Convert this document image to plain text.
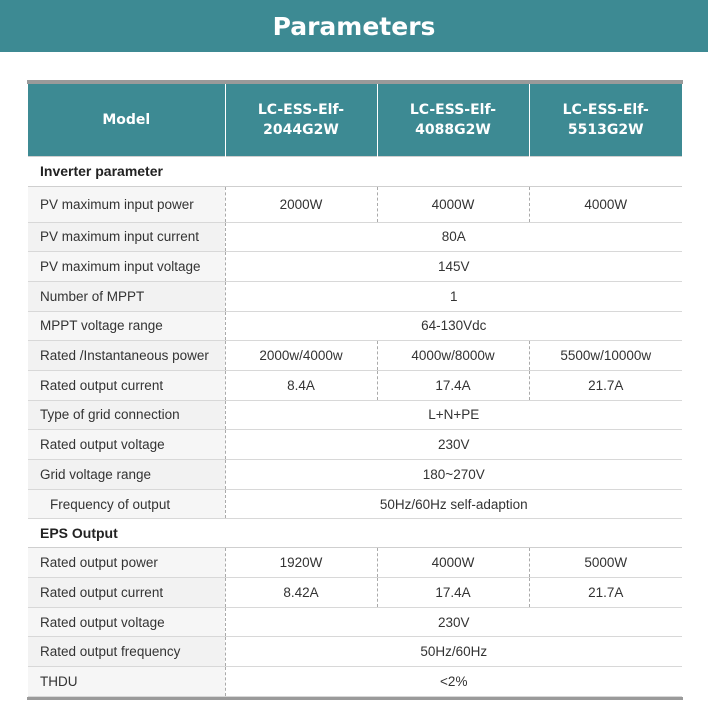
Parameters
Model	LC-ESS-Elf-2044G2W	LC-ESS-Elf-4088G2W	LC-ESS-Elf-5513G2W
Inverter parameter			
PV maximum input power	2000W	4000W	4000W
PV maximum input current	80A		
PV maximum input voltage	145V		
Number of MPPT	1		
MPPT voltage range	64-130Vdc		
Rated /Instantaneous power	2000w/4000w	4000w/8000w	5500w/10000w
Rated output current	8.4A	17.4A	21.7A
Type of grid connection	L+N+PE		
Rated output voltage	230V		
Grid voltage range	180~270V		
Frequency of output	50Hz/60Hz self-adaption		
EPS Output			
Rated output power	1920W	4000W	5000W
Rated output current	8.42A	17.4A	21.7A
Rated output voltage	230V		
Rated output frequency	50Hz/60Hz		
THDU	<2%		
